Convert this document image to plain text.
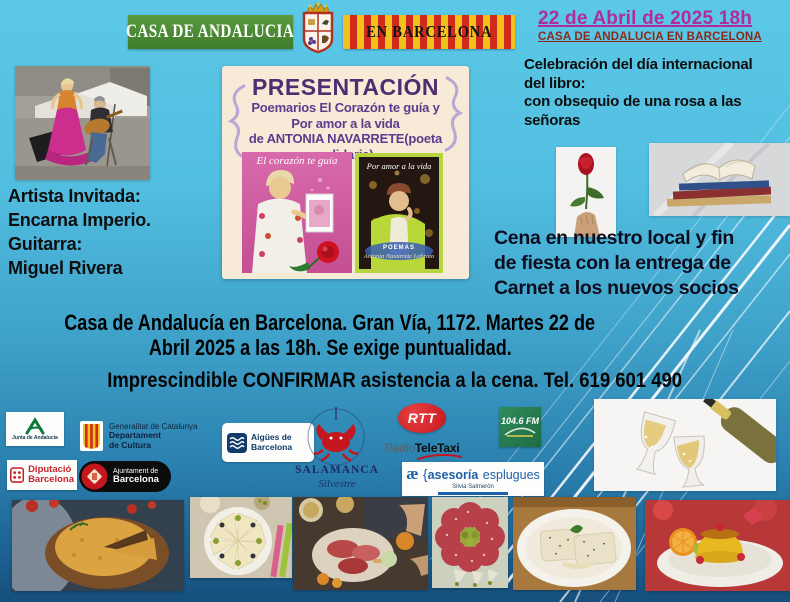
CASA DE ANDALUCIA	EN BARCELONA
22 de Abril de 2025 18h
CASA DE ANDALUCIA EN BARCELONA
Celebración del día internacional
del libro:
con obsequio de una rosa a las
señoras
Artista Invitada:
Encarna Imperio.
Guitarra:
Miguel Rivera
PRESENTACIÓN
Poemarios El Corazón te guía y
Por amor a la vida
de ANTONIA NAVARRETE(poeta
El corazón te guía	Por amor a la vida
POEMAS
Antonia Navarrete Lebrato
Cena en nuestro local y fin
de fiesta con la entrega de
Carnet a los nuevos socios
Casa de Andalucía en Barcelona. Gran Vía, 1172. Martes 22 de
Abril 2025 a las 18h. Se exige puntualidad.
Imprescindible CONFIRMAR asistencia a la cena. Tel. 619 601 490
Junta de Andalucía
Generalitat de Catalunya
Departament
de Cultura
Aigües de
Barcelona
Diputació
Barcelona
Ajuntament de
Barcelona
SALAMANCA
Silvestre
RTT
RadioTeleTaxi
104.6 FM
æ {asesoría esplugues
Silvia Salmerón
